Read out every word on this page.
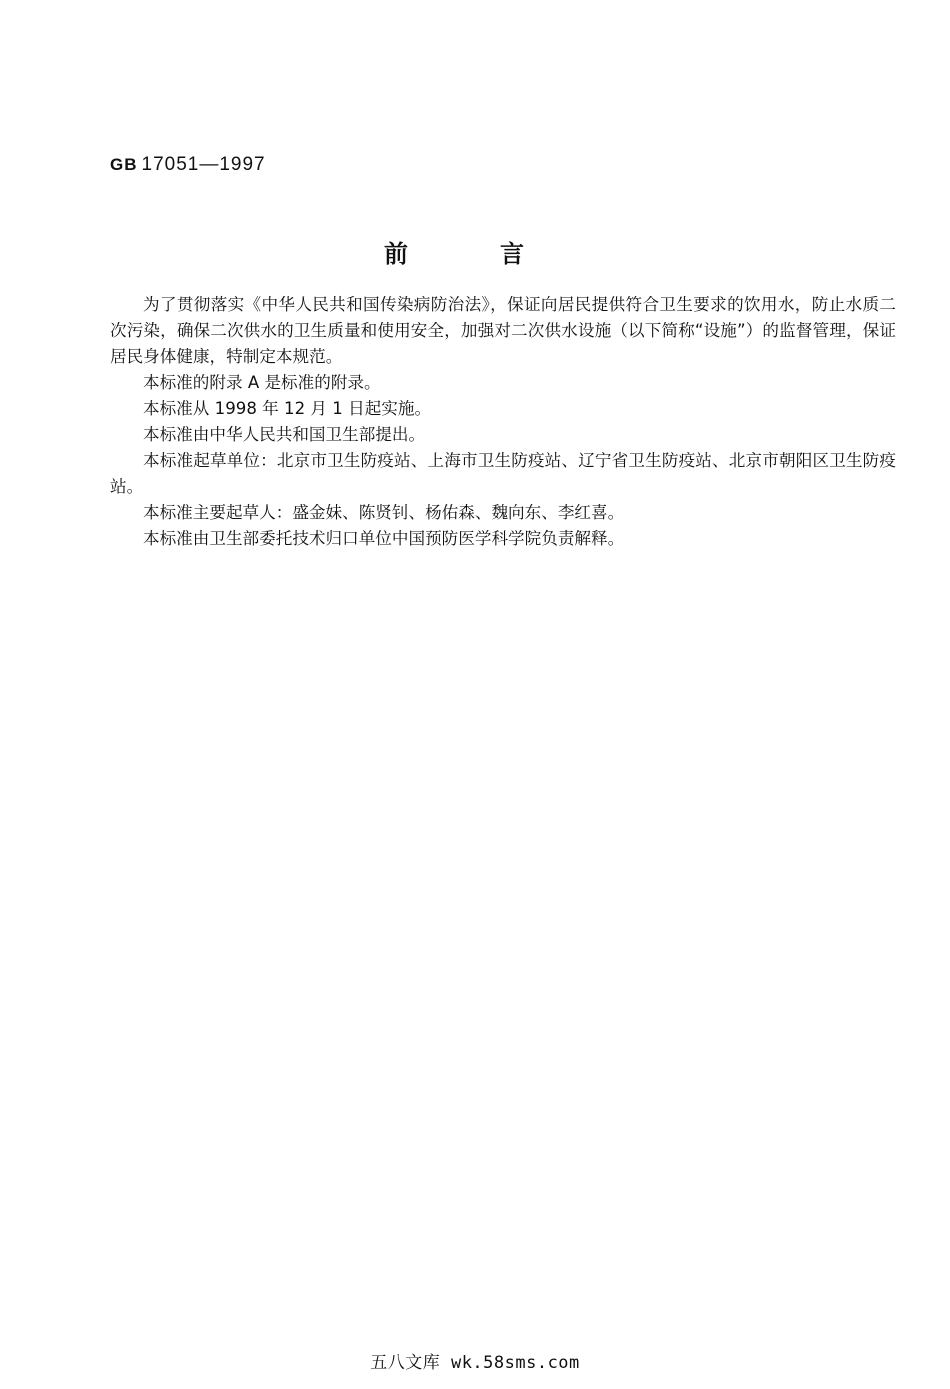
GB 17051—1997
前言

为了贯彻落实《中华人民共和国传染病防治法》，保证向居民提供符合卫生要求的饮用水，防止水质二次污染，确保二次供水的卫生质量和使用安全，加强对二次供水设施（以下简称“设施”）的监督管理，保证居民身体健康，特制定本规范。

本标准的附录 A 是标准的附录。

本标准从 1998 年 12 月 1 日起实施。

本标准由中华人民共和国卫生部提出。

本标准起草单位：北京市卫生防疫站、上海市卫生防疫站、辽宁省卫生防疫站、北京市朝阳区卫生防疫站。

本标准主要起草人：盛金妹、陈贤钊、杨佑森、魏向东、李红喜。

本标准由卫生部委托技术归口单位中国预防医学科学院负责解释。

五八文库 wk.58sms.com
